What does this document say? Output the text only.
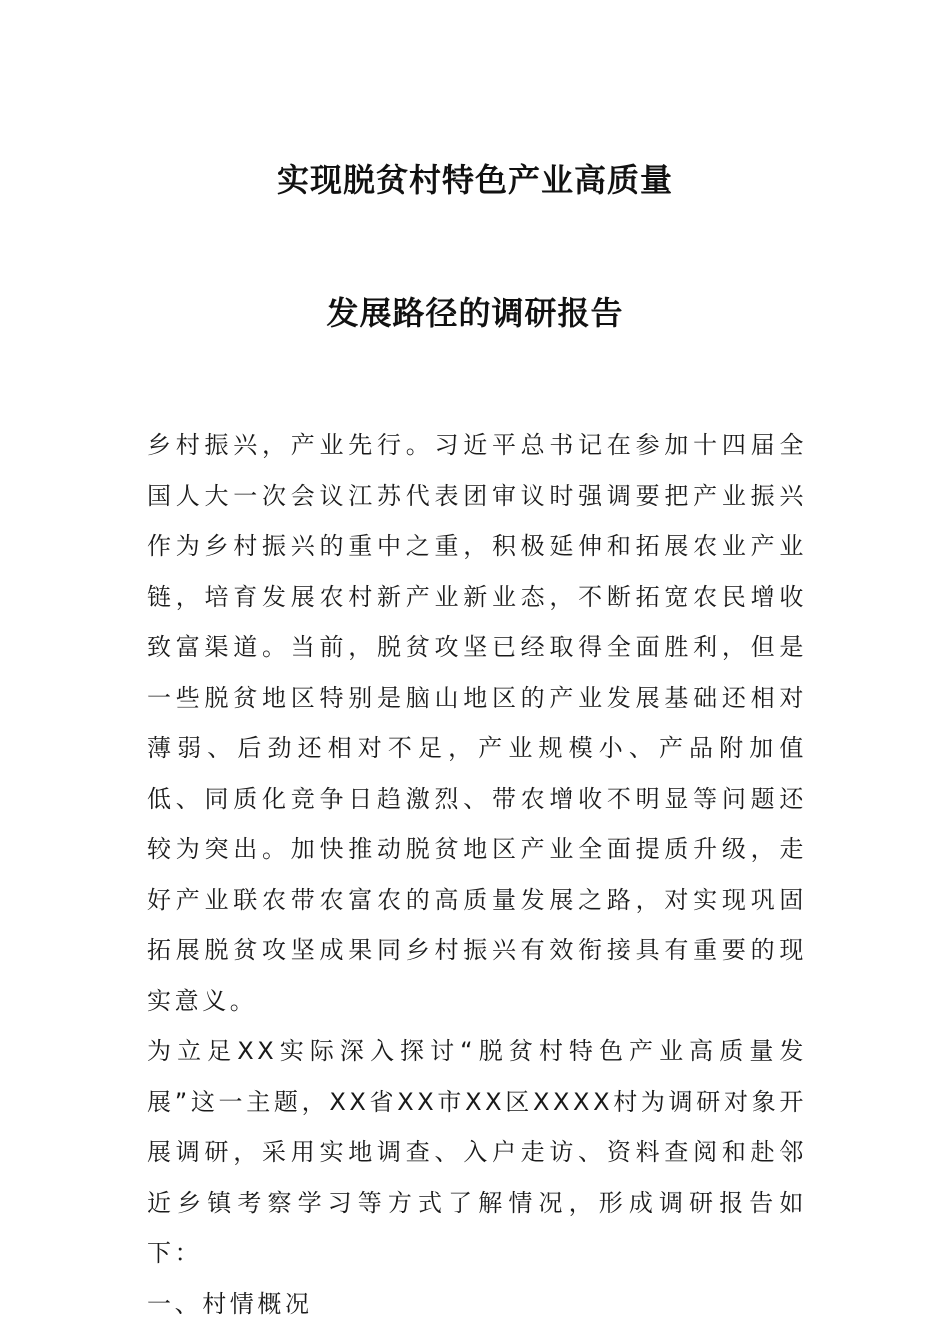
实现脱贫村特色产业高质量
发展路径的调研报告

乡村振兴，产业先行。习近平总书记在参加十四届全国人大一次会议江苏代表团审议时强调要把产业振兴作为乡村振兴的重中之重，积极延伸和拓展农业产业链，培育发展农村新产业新业态，不断拓宽农民增收致富渠道。当前，脱贫攻坚已经取得全面胜利，但是一些脱贫地区特别是脑山地区的产业发展基础还相对薄弱、后劲还相对不足，产业规模小、产品附加值低、同质化竞争日趋激烈、带农增收不明显等问题还较为突出。加快推动脱贫地区产业全面提质升级，走好产业联农带农富农的高质量发展之路，对实现巩固拓展脱贫攻坚成果同乡村振兴有效衔接具有重要的现实意义。

为立足XX实际深入探讨“脱贫村特色产业高质量发展”这一主题，XX省XX市XX区XXXX村为调研对象开展调研，采用实地调查、入户走访、资料查阅和赴邻近乡镇考察学习等方式了解情况，形成调研报告如下：

一、村情概况
